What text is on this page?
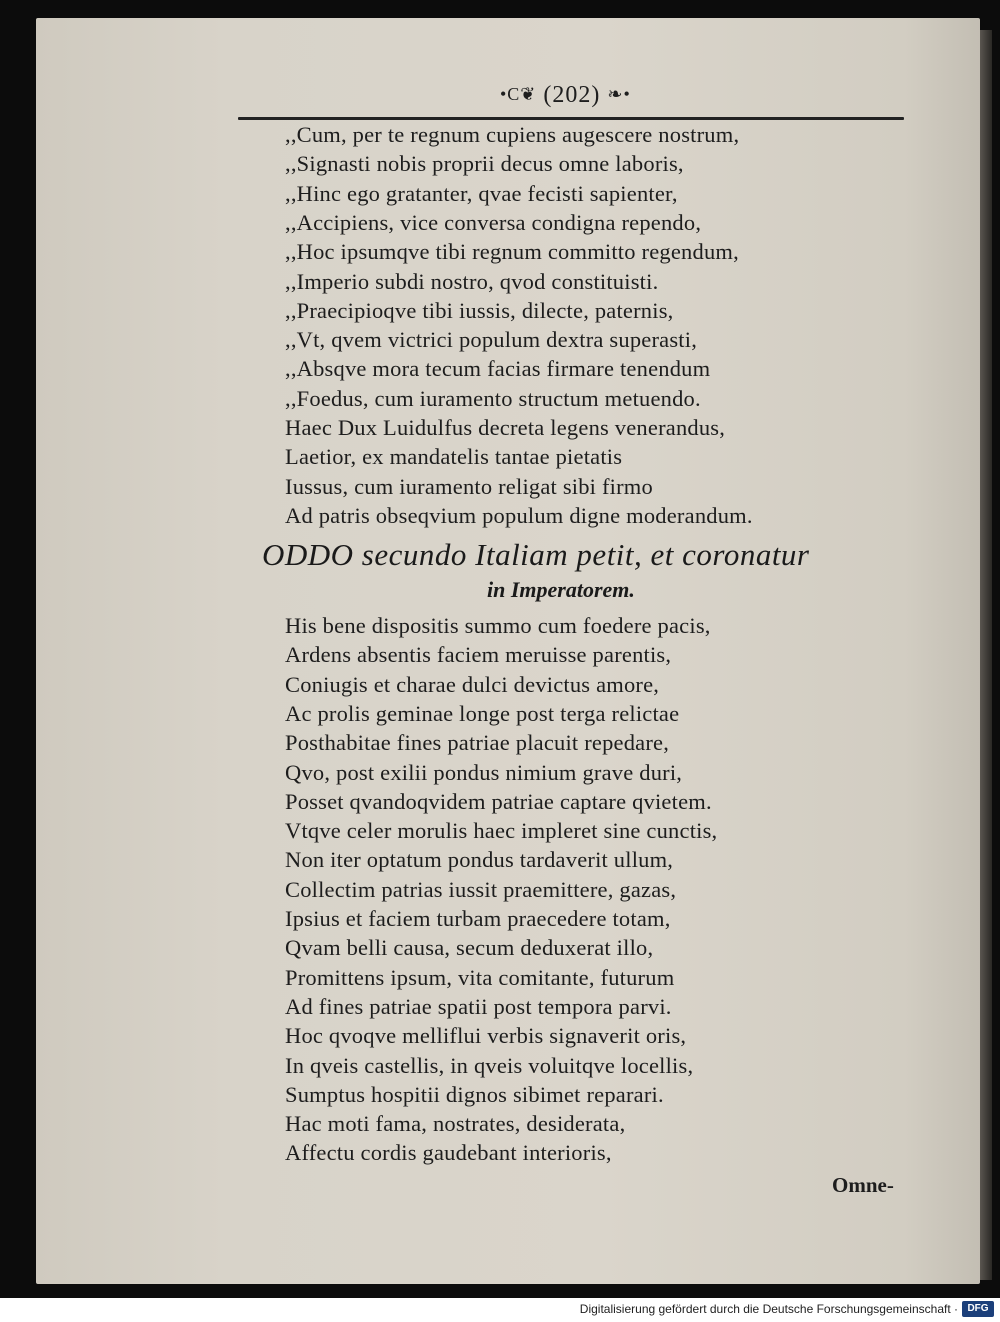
•C❦ (202) ❧•
,,Cum, per te regnum cupiens augescere nostrum,
,,Signasti nobis proprii decus omne laboris,
,,Hinc ego gratanter, qvae fecisti sapienter,
,,Accipiens, vice conversa condigna rependo,
,,Hoc ipsumqve tibi regnum committo regendum,
,,Imperio subdi nostro, qvod constituisti.
,,Praecipioqve tibi iussis, dilecte, paternis,
,,Vt, qvem victrici populum dextra superasti,
,,Absqve mora tecum facias firmare tenendum
,,Foedus, cum iuramento structum metuendo.
Haec Dux Luidulfus decreta legens venerandus,
Laetior, ex mandatelis tantae pietatis
Iussus, cum iuramento religat sibi firmo
Ad patris obseqvium populum digne moderandum.
ODDO secundo Italiam petit, et coronatur
in Imperatorem.
His bene dispositis summo cum foedere pacis,
Ardens absentis faciem meruisse parentis,
Coniugis et charae dulci devictus amore,
Ac prolis geminae longe post terga relictae
Posthabitae fines patriae placuit repedare,
Qvo, post exilii pondus nimium grave duri,
Posset qvandoqvidem patriae captare qvietem.
Vtqve celer morulis haec impleret sine cunctis,
Non iter optatum pondus tardaverit ullum,
Collectim patrias iussit praemittere, gazas,
Ipsius et faciem turbam praecedere totam,
Qvam belli causa, secum deduxerat illo,
Promittens ipsum, vita comitante, futurum
Ad fines patriae spatii post tempora parvi.
Hoc qvoqve melliflui verbis signaverit oris,
In qveis castellis, in qveis voluitqve locellis,
Sumptus hospitii dignos sibimet reparari.
Hac moti fama, nostrates, desiderata,
Affectu cordis gaudebant interioris,
Omne-
Digitalisierung gefördert durch die Deutsche Forschungsgemeinschaft · DFG
